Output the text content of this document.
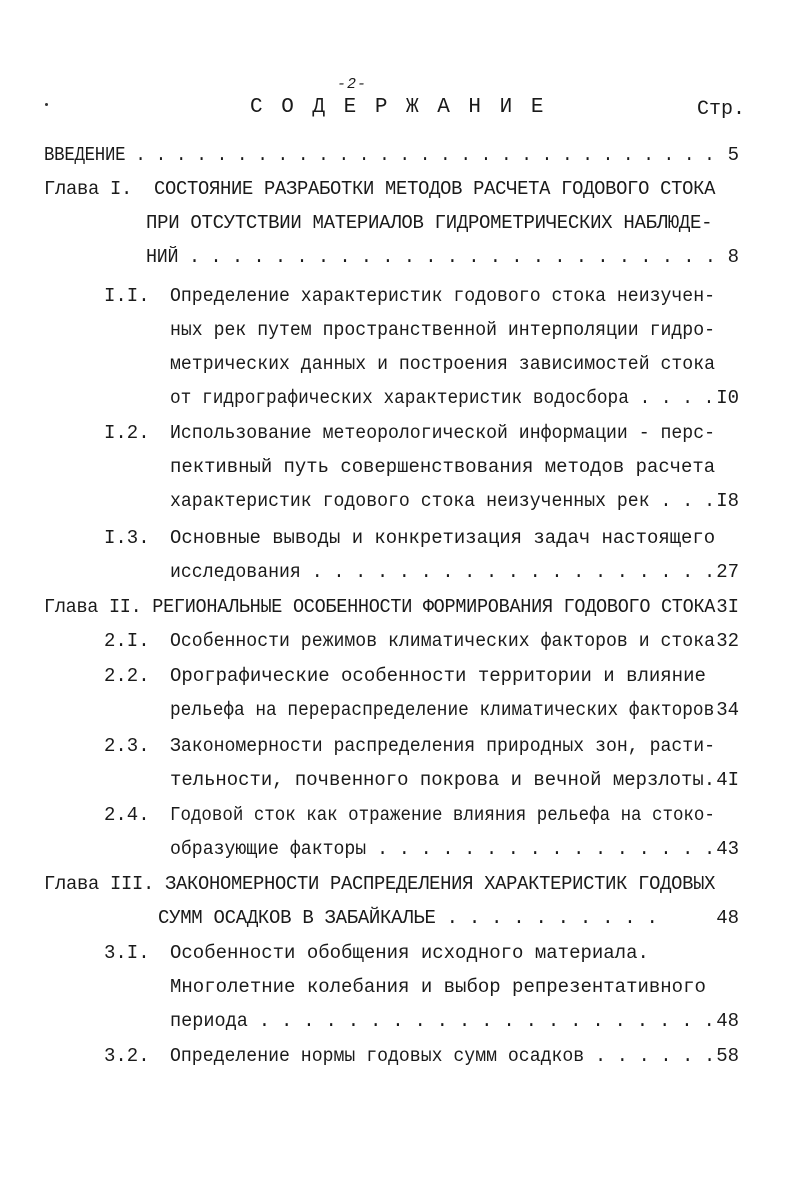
-2-
С О Д Е Р Ж А Н И Е	Стр.
ВВЕДЕНИЕ . . . . . . . . . . . . . . . . . . . . . . . . . . . . . 5
Глава I.  СОСТОЯНИЕ РАЗРАБОТКИ МЕТОДОВ РАСЧЕТА ГОДОВОГО СТОКА
ПРИ ОТСУТСТВИИ МАТЕРИАЛОВ ГИДРОМЕТРИЧЕСКИХ НАБЛЮДЕ-
НИЙ . . . . . . . . . . . . . . . . . . . . . . . . . 8
I.I. Определение характеристик годового стока неизучен-
ных рек путем пространственной интерполяции гидро-
метрических данных и построения зависимостей стока
от гидрографических характеристик водосбора . . . . I0
I.2. Использование метеорологической информации - перс-
пективный путь совершенствования методов расчета
характеристик годового стока неизученных рек . . . I8
I.3. Основные выводы и конкретизация задач настоящего
исследования . . . . . . . . . . . . . . . . . . . 27
Глава II. РЕГИОНАЛЬНЫЕ ОСОБЕННОСТИ ФОРМИРОВАНИЯ ГОДОВОГО СТОКА 3I
2.I. Особенности режимов климатических факторов и стока 32
2.2. Орографические особенности территории и влияние
рельефа на перераспределение климатических факторов 34
2.3. Закономерности распределения природных зон, расти-
тельности, почвенного покрова и вечной мерзлоты. 4I
2.4. Годовой сток как отражение влияния рельефа на стоко-
образующие факторы . . . . . . . . . . . . . . . . 43
Глава III. ЗАКОНОМЕРНОСТИ РАСПРЕДЕЛЕНИЯ ХАРАКТЕРИСТИК ГОДОВЫХ
СУММ ОСАДКОВ В ЗАБАЙКАЛЬЕ . . . . . . . . . .	48
3.I. Особенности обобщения исходного материала.
Многолетние колебания и выбор репрезентативного
периода . . . . . . . . . . . . . . . . . . . . . 48
3.2. Определение нормы годовых сумм осадков . . . . . . 58
